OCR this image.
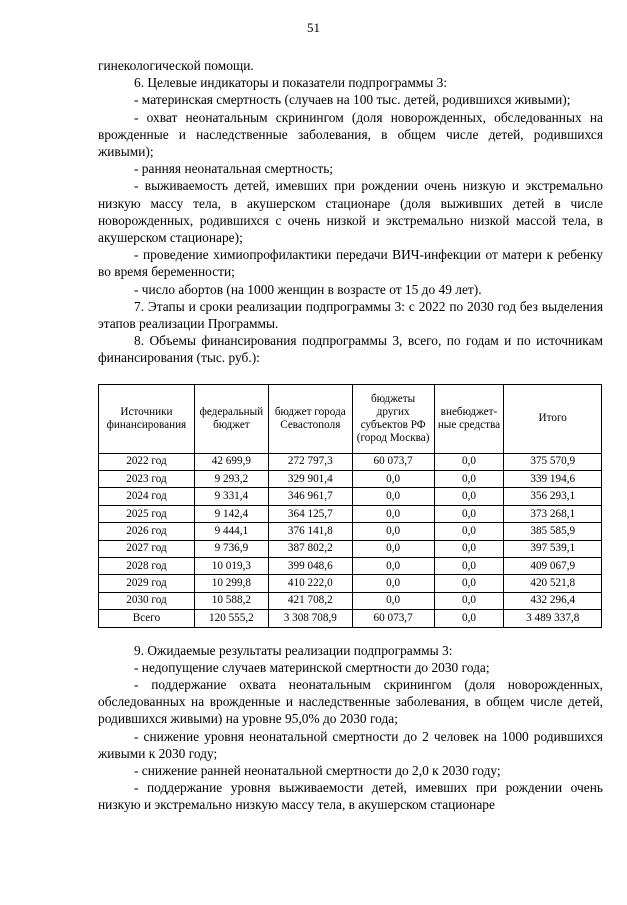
51

гинекологической помощи.

6. Целевые индикаторы и показатели подпрограммы 3:

- материнская смертность (случаев на 100 тыс. детей, родившихся живыми);

- охват неонатальным скринингом (доля новорожденных, обследованных на врожденные и наследственные заболевания, в общем числе детей, родившихся живыми);

- ранняя неонатальная смертность;

- выживаемость детей, имевших при рождении очень низкую и экстремально низкую массу тела, в акушерском стационаре (доля выживших детей в числе новорожденных, родившихся с очень низкой и экстремально низкой массой тела, в акушерском стационаре);

- проведение химиопрофилактики передачи ВИЧ-инфекции от матери к ребенку во время беременности;

- число абортов (на 1000 женщин в возрасте от 15 до 49 лет).

7. Этапы и сроки реализации подпрограммы 3: с 2022 по 2030 год без выделения этапов реализации Программы.

8. Объемы финансирования подпрограммы 3, всего, по годам и по источникам финансирования (тыс. руб.):

Источники финансирования	федеральный бюджет	бюджет города Севастополя	бюджеты других субъектов РФ (город Москва)	внебюджет-ные средства	Итого
2022 год	42 699,9	272 797,3	60 073,7	0,0	375 570,9
2023 год	9 293,2	329 901,4	0,0	0,0	339 194,6
2024 год	9 331,4	346 961,7	0,0	0,0	356 293,1
2025 год	9 142,4	364 125,7	0,0	0,0	373 268,1
2026 год	9 444,1	376 141,8	0,0	0,0	385 585,9
2027 год	9 736,9	387 802,2	0,0	0,0	397 539,1
2028 год	10 019,3	399 048,6	0,0	0,0	409 067,9
2029 год	10 299,8	410 222,0	0,0	0,0	420 521,8
2030 год	10 588,2	421 708,2	0,0	0,0	432 296,4
Всего	120 555,2	3 308 708,9	60 073,7	0,0	3 489 337,8

9. Ожидаемые результаты реализации подпрограммы 3:

- недопущение случаев материнской смертности до 2030 года;

- поддержание охвата неонатальным скринингом (доля новорожденных, обследованных на врожденные и наследственные заболевания, в общем числе детей, родившихся живыми) на уровне 95,0% до 2030 года;

- снижение уровня неонатальной смертности до 2 человек на 1000 родившихся живыми к 2030 году;

- снижение ранней неонатальной смертности до 2,0 к 2030 году;

- поддержание уровня выживаемости детей, имевших при рождении очень низкую и экстремально низкую массу тела, в акушерском стационаре
